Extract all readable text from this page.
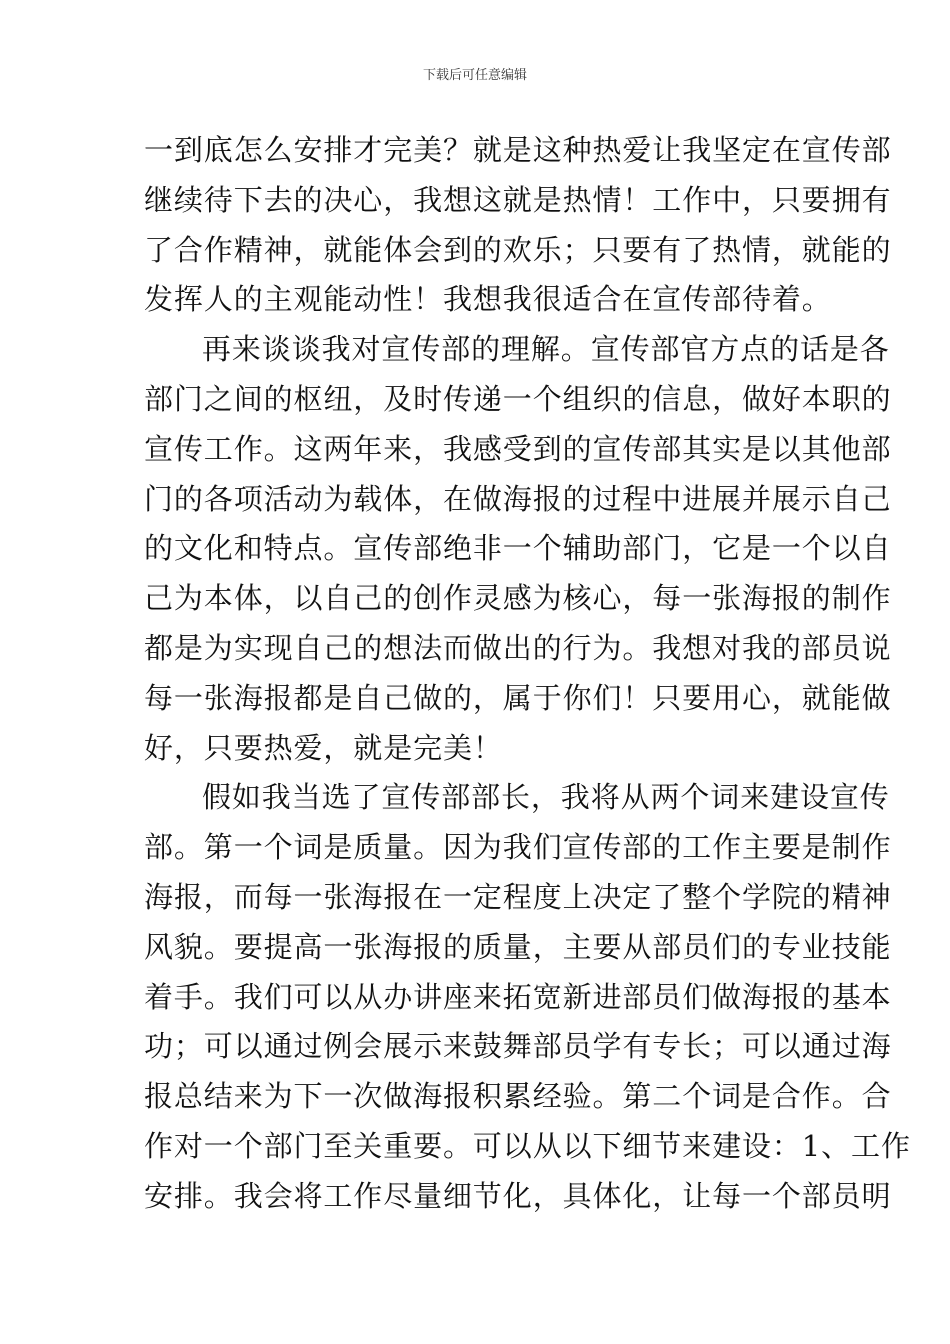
下载后可任意编辑
一到底怎么安排才完美？就是这种热爱让我坚定在宣传部
继续待下去的决心，我想这就是热情！工作中，只要拥有
了合作精神，就能体会到的欢乐；只要有了热情，就能的
发挥人的主观能动性！我想我很适合在宣传部待着。
再来谈谈我对宣传部的理解。宣传部官方点的话是各
部门之间的枢纽，及时传递一个组织的信息，做好本职的
宣传工作。这两年来，我感受到的宣传部其实是以其他部
门的各项活动为载体，在做海报的过程中进展并展示自己
的文化和特点。宣传部绝非一个辅助部门，它是一个以自
己为本体，以自己的创作灵感为核心，每一张海报的制作
都是为实现自己的想法而做出的行为。我想对我的部员说
每一张海报都是自己做的，属于你们！只要用心，就能做
好，只要热爱，就是完美！
假如我当选了宣传部部长，我将从两个词来建设宣传
部。第一个词是质量。因为我们宣传部的工作主要是制作
海报，而每一张海报在一定程度上决定了整个学院的精神
风貌。要提高一张海报的质量，主要从部员们的专业技能
着手。我们可以从办讲座来拓宽新进部员们做海报的基本
功；可以通过例会展示来鼓舞部员学有专长；可以通过海
报总结来为下一次做海报积累经验。第二个词是合作。合
作对一个部门至关重要。可以从以下细节来建设：1、工作
安排。我会将工作尽量细节化，具体化，让每一个部员明
